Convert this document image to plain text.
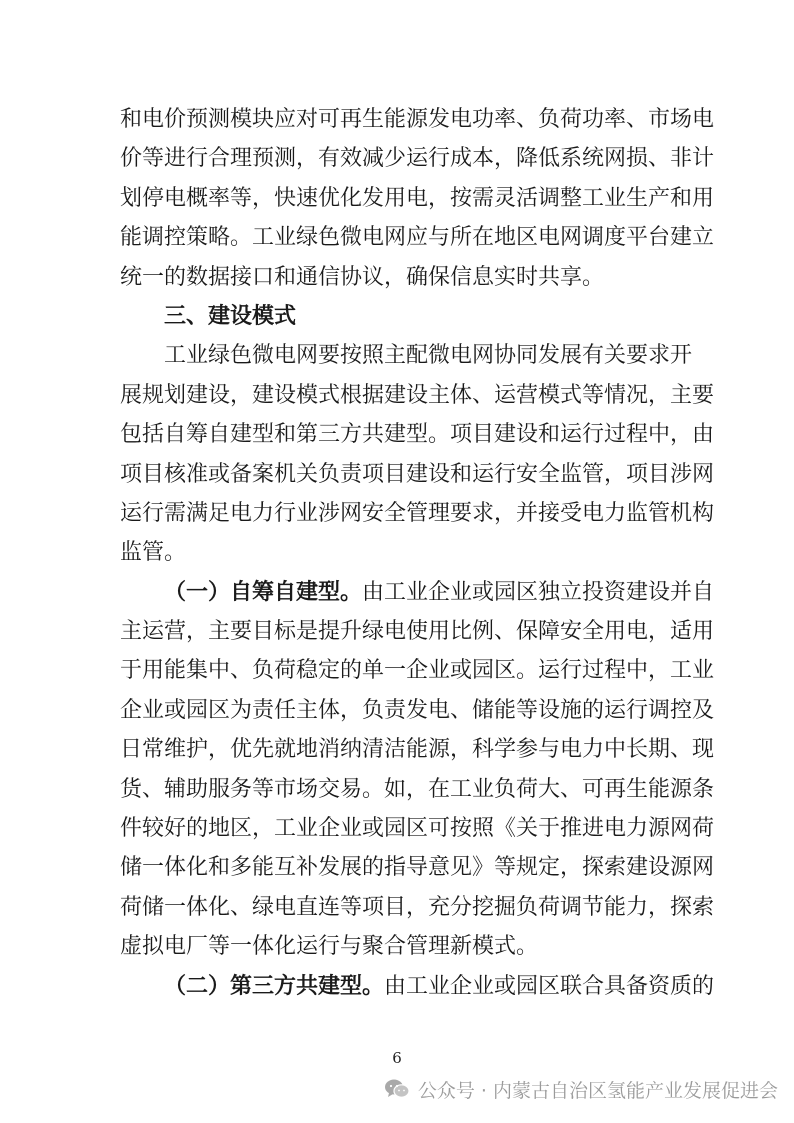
和电价预测模块应对可再生能源发电功率、负荷功率、市场电
价等进行合理预测，有效减少运行成本，降低系统网损、非计
划停电概率等，快速优化发用电，按需灵活调整工业生产和用
能调控策略。工业绿色微电网应与所在地区电网调度平台建立
统一的数据接口和通信协议，确保信息实时共享。
三、建设模式
工业绿色微电网要按照主配微电网协同发展有关要求开
展规划建设，建设模式根据建设主体、运营模式等情况，主要
包括自筹自建型和第三方共建型。项目建设和运行过程中，由
项目核准或备案机关负责项目建设和运行安全监管，项目涉网
运行需满足电力行业涉网安全管理要求，并接受电力监管机构
监管。
（一）自筹自建型。由工业企业或园区独立投资建设并自
主运营，主要目标是提升绿电使用比例、保障安全用电，适用
于用能集中、负荷稳定的单一企业或园区。运行过程中，工业
企业或园区为责任主体，负责发电、储能等设施的运行调控及
日常维护，优先就地消纳清洁能源，科学参与电力中长期、现
货、辅助服务等市场交易。如，在工业负荷大、可再生能源条
件较好的地区，工业企业或园区可按照《关于推进电力源网荷
储一体化和多能互补发展的指导意见》等规定，探索建设源网
荷储一体化、绿电直连等项目，充分挖掘负荷调节能力，探索
虚拟电厂等一体化运行与聚合管理新模式。
（二）第三方共建型。由工业企业或园区联合具备资质的
6
公众号 · 内蒙古自治区氢能产业发展促进会
